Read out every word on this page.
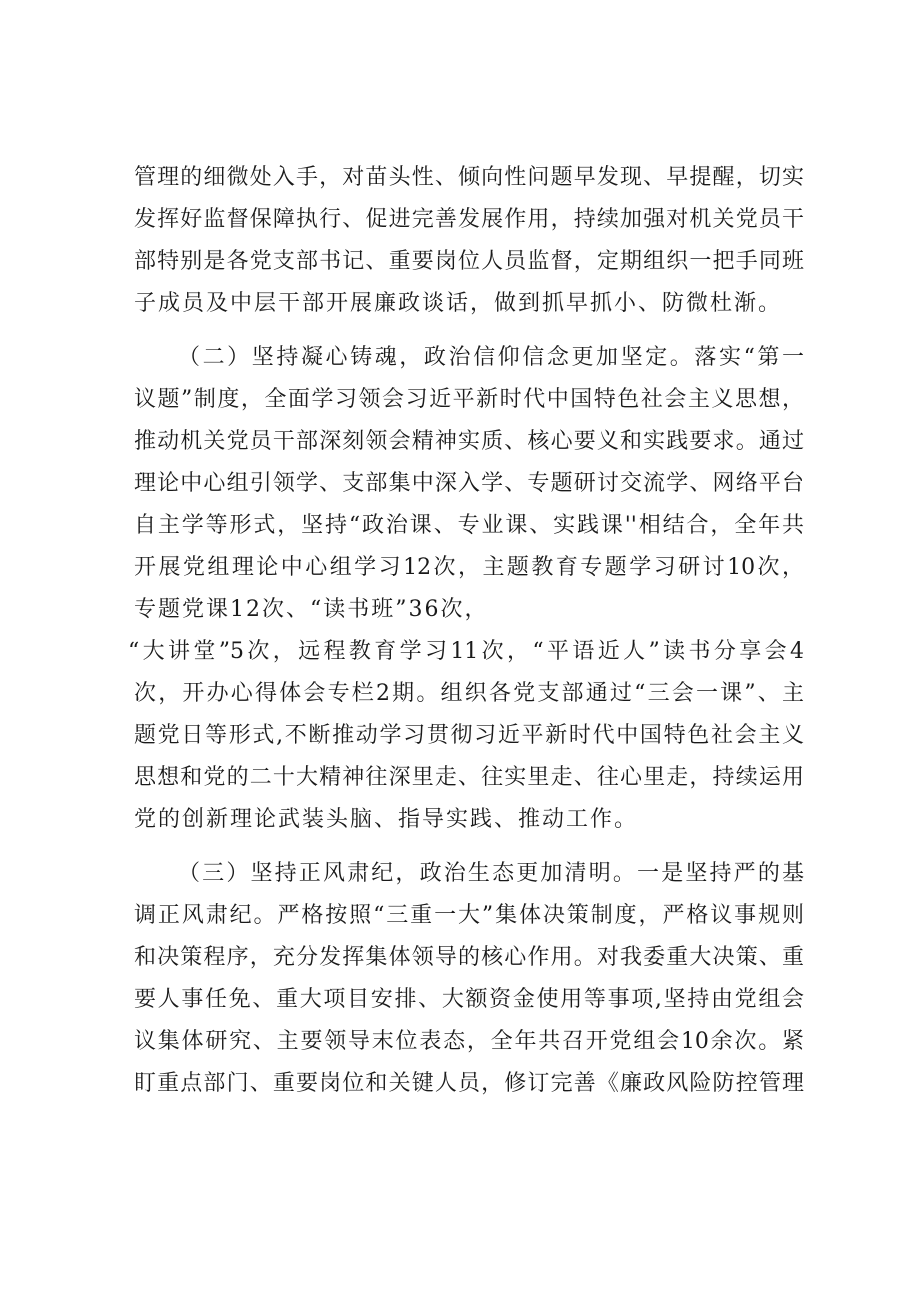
管理的细微处入手，对苗头性、倾向性问题早发现、早提醒，切实
发挥好监督保障执行、促进完善发展作用，持续加强对机关党员干
部特别是各党支部书记、重要岗位人员监督，定期组织一把手同班
子成员及中层干部开展廉政谈话，做到抓早抓小、防微杜渐。
（二）坚持凝心铸魂，政治信仰信念更加坚定。落实“第一
议题”制度，全面学习领会习近平新时代中国特色社会主义思想，
推动机关党员干部深刻领会精神实质、核心要义和实践要求。通过
理论中心组引领学、支部集中深入学、专题研讨交流学、网络平台
自主学等形式，坚持“政治课、专业课、实践课''相结合，全年共
开展党组理论中心组学习12次，主题教育专题学习研讨10次，
专题党课12次、“读书班”36次，
“大讲堂”5次，远程教育学习11次，“平语近人”读书分享会4
次，开办心得体会专栏2期。组织各党支部通过“三会一课”、主
题党日等形式,不断推动学习贯彻习近平新时代中国特色社会主义
思想和党的二十大精神往深里走、往实里走、往心里走，持续运用
党的创新理论武装头脑、指导实践、推动工作。
（三）坚持正风肃纪，政治生态更加清明。一是坚持严的基
调正风肃纪。严格按照“三重一大”集体决策制度，严格议事规则
和决策程序，充分发挥集体领导的核心作用。对我委重大决策、重
要人事任免、重大项目安排、大额资金使用等事项,坚持由党组会
议集体研究、主要领导末位表态，全年共召开党组会10余次。紧
盯重点部门、重要岗位和关键人员，修订完善《廉政风险防控管理
